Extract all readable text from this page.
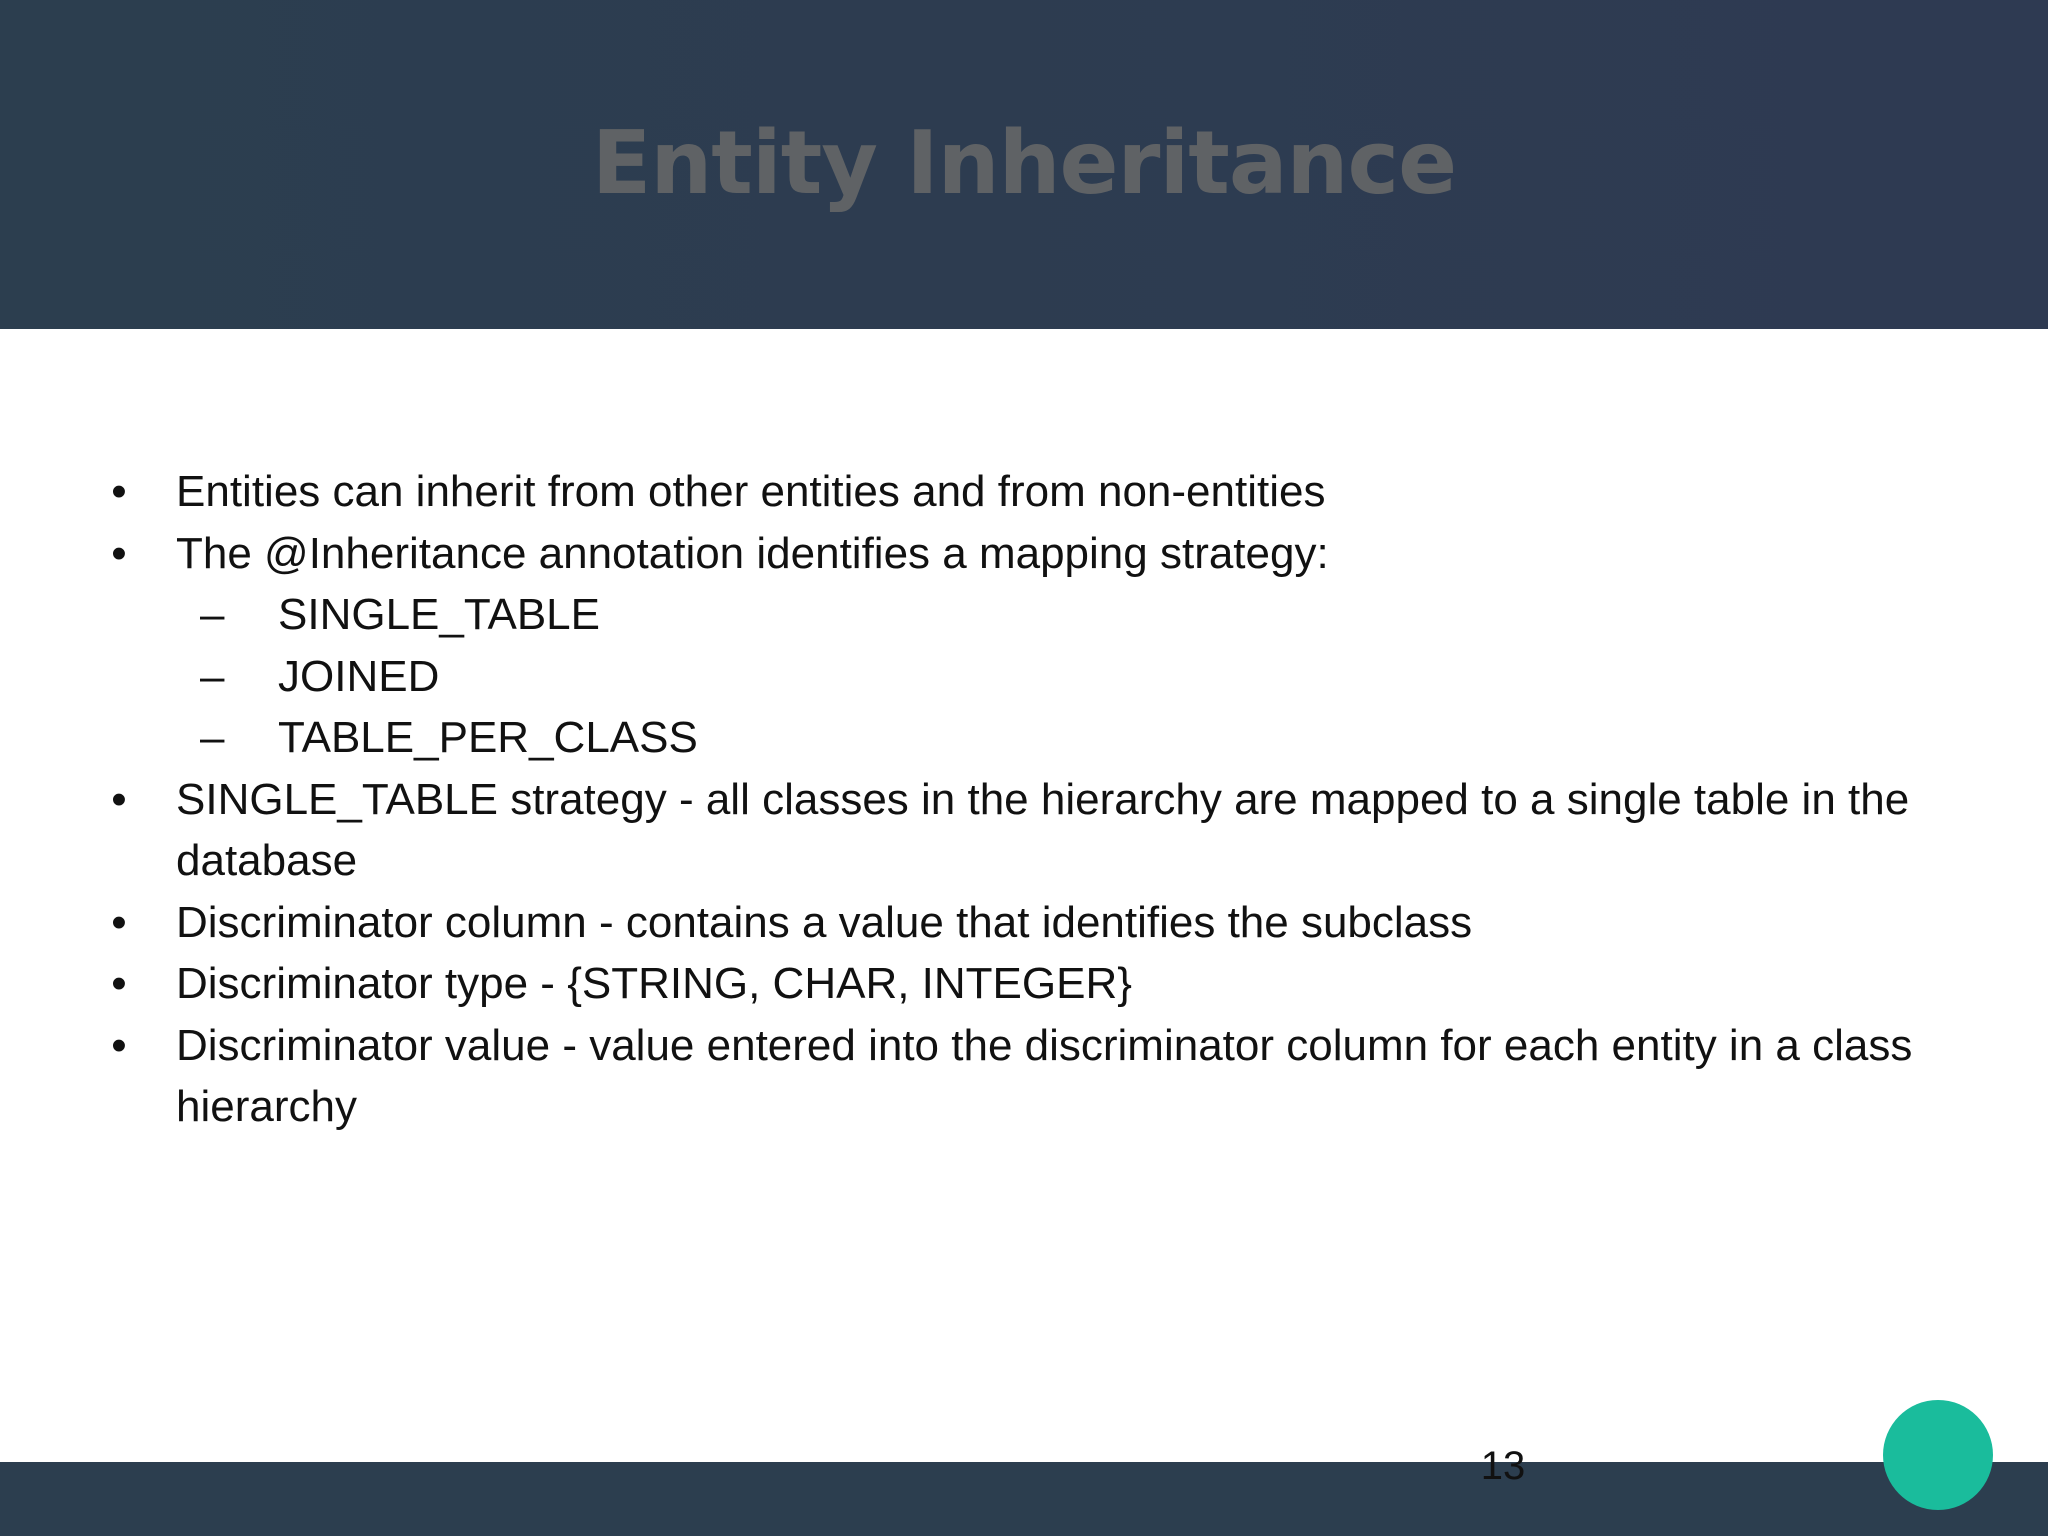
Entity Inheritance
• Entities can inherit from other entities and from non-entities
• The @Inheritance annotation identifies a mapping strategy:
– SINGLE_TABLE
– JOINED
– TABLE_PER_CLASS
• SINGLE_TABLE strategy - all classes in the hierarchy are mapped to a single table in the database
• Discriminator column - contains a value that identifies the subclass
• Discriminator type - {STRING, CHAR, INTEGER}
• Discriminator value - value entered into the discriminator column for each entity in a class hierarchy
13
